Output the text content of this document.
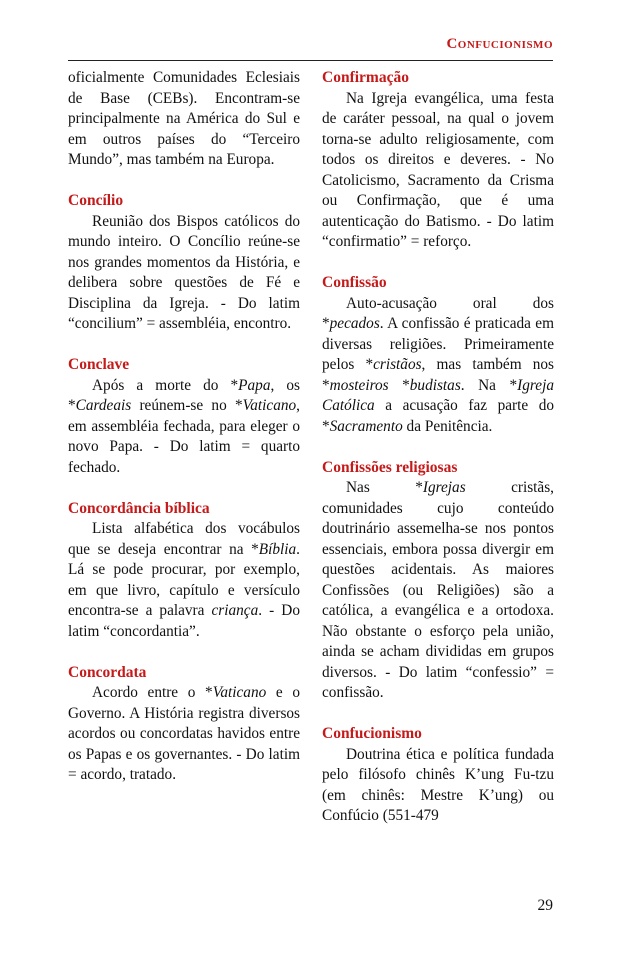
Confucionismo

oficialmente Comunidades Eclesiais de Base (CEBs). Encontram-se principalmente na América do Sul e em outros países do “Terceiro Mundo”, mas também na Europa.

Concílio

Reunião dos Bispos católicos do mundo inteiro. O Concílio reúne-se nos grandes momentos da História, e delibera sobre questões de Fé e Disciplina da Igreja. - Do latim “concilium” = assembléia, encontro.

Conclave

Após a morte do *Papa, os *Cardeais reúnem-se no *Vaticano, em assembléia fechada, para eleger o novo Papa. - Do latim = quarto fechado.

Concordância bíblica

Lista alfabética dos vocábulos que se deseja encontrar na *Bíblia. Lá se pode procurar, por exemplo, em que livro, capítulo e versículo encontra-se a palavra criança. - Do latim “concordantia”.

Concordata

Acordo entre o *Vaticano e o Governo. A História registra diversos acordos ou concordatas havidos entre os Papas e os governantes. - Do latim = acordo, tratado.

Confirmação

Na Igreja evangélica, uma festa de caráter pessoal, na qual o jovem torna-se adulto religiosamente, com todos os direitos e deveres. - No Catolicismo, Sacramento da Crisma ou Confirmação, que é uma autenticação do Batismo. - Do latim “confirmatio” = reforço.

Confissão

Auto-acusação oral dos *pecados. A confissão é praticada em diversas religiões. Primeiramente pelos *cristãos, mas também nos *mosteiros *budistas. Na *Igreja Católica a acusação faz parte do *Sacramento da Penitência.

Confissões religiosas

Nas *Igrejas cristãs, comunidades cujo conteúdo doutrinário assemelha-se nos pontos essenciais, embora possa divergir em questões acidentais. As maiores Confissões (ou Religiões) são a católica, a evangélica e a ortodoxa. Não obstante o esforço pela união, ainda se acham divididas em grupos diversos. - Do latim “confessio” = confissão.

Confucionismo

Doutrina ética e política fundada pelo filósofo chinês K’ung Fu-tzu (em chinês: Mestre K’ung) ou Confúcio (551-479

29
